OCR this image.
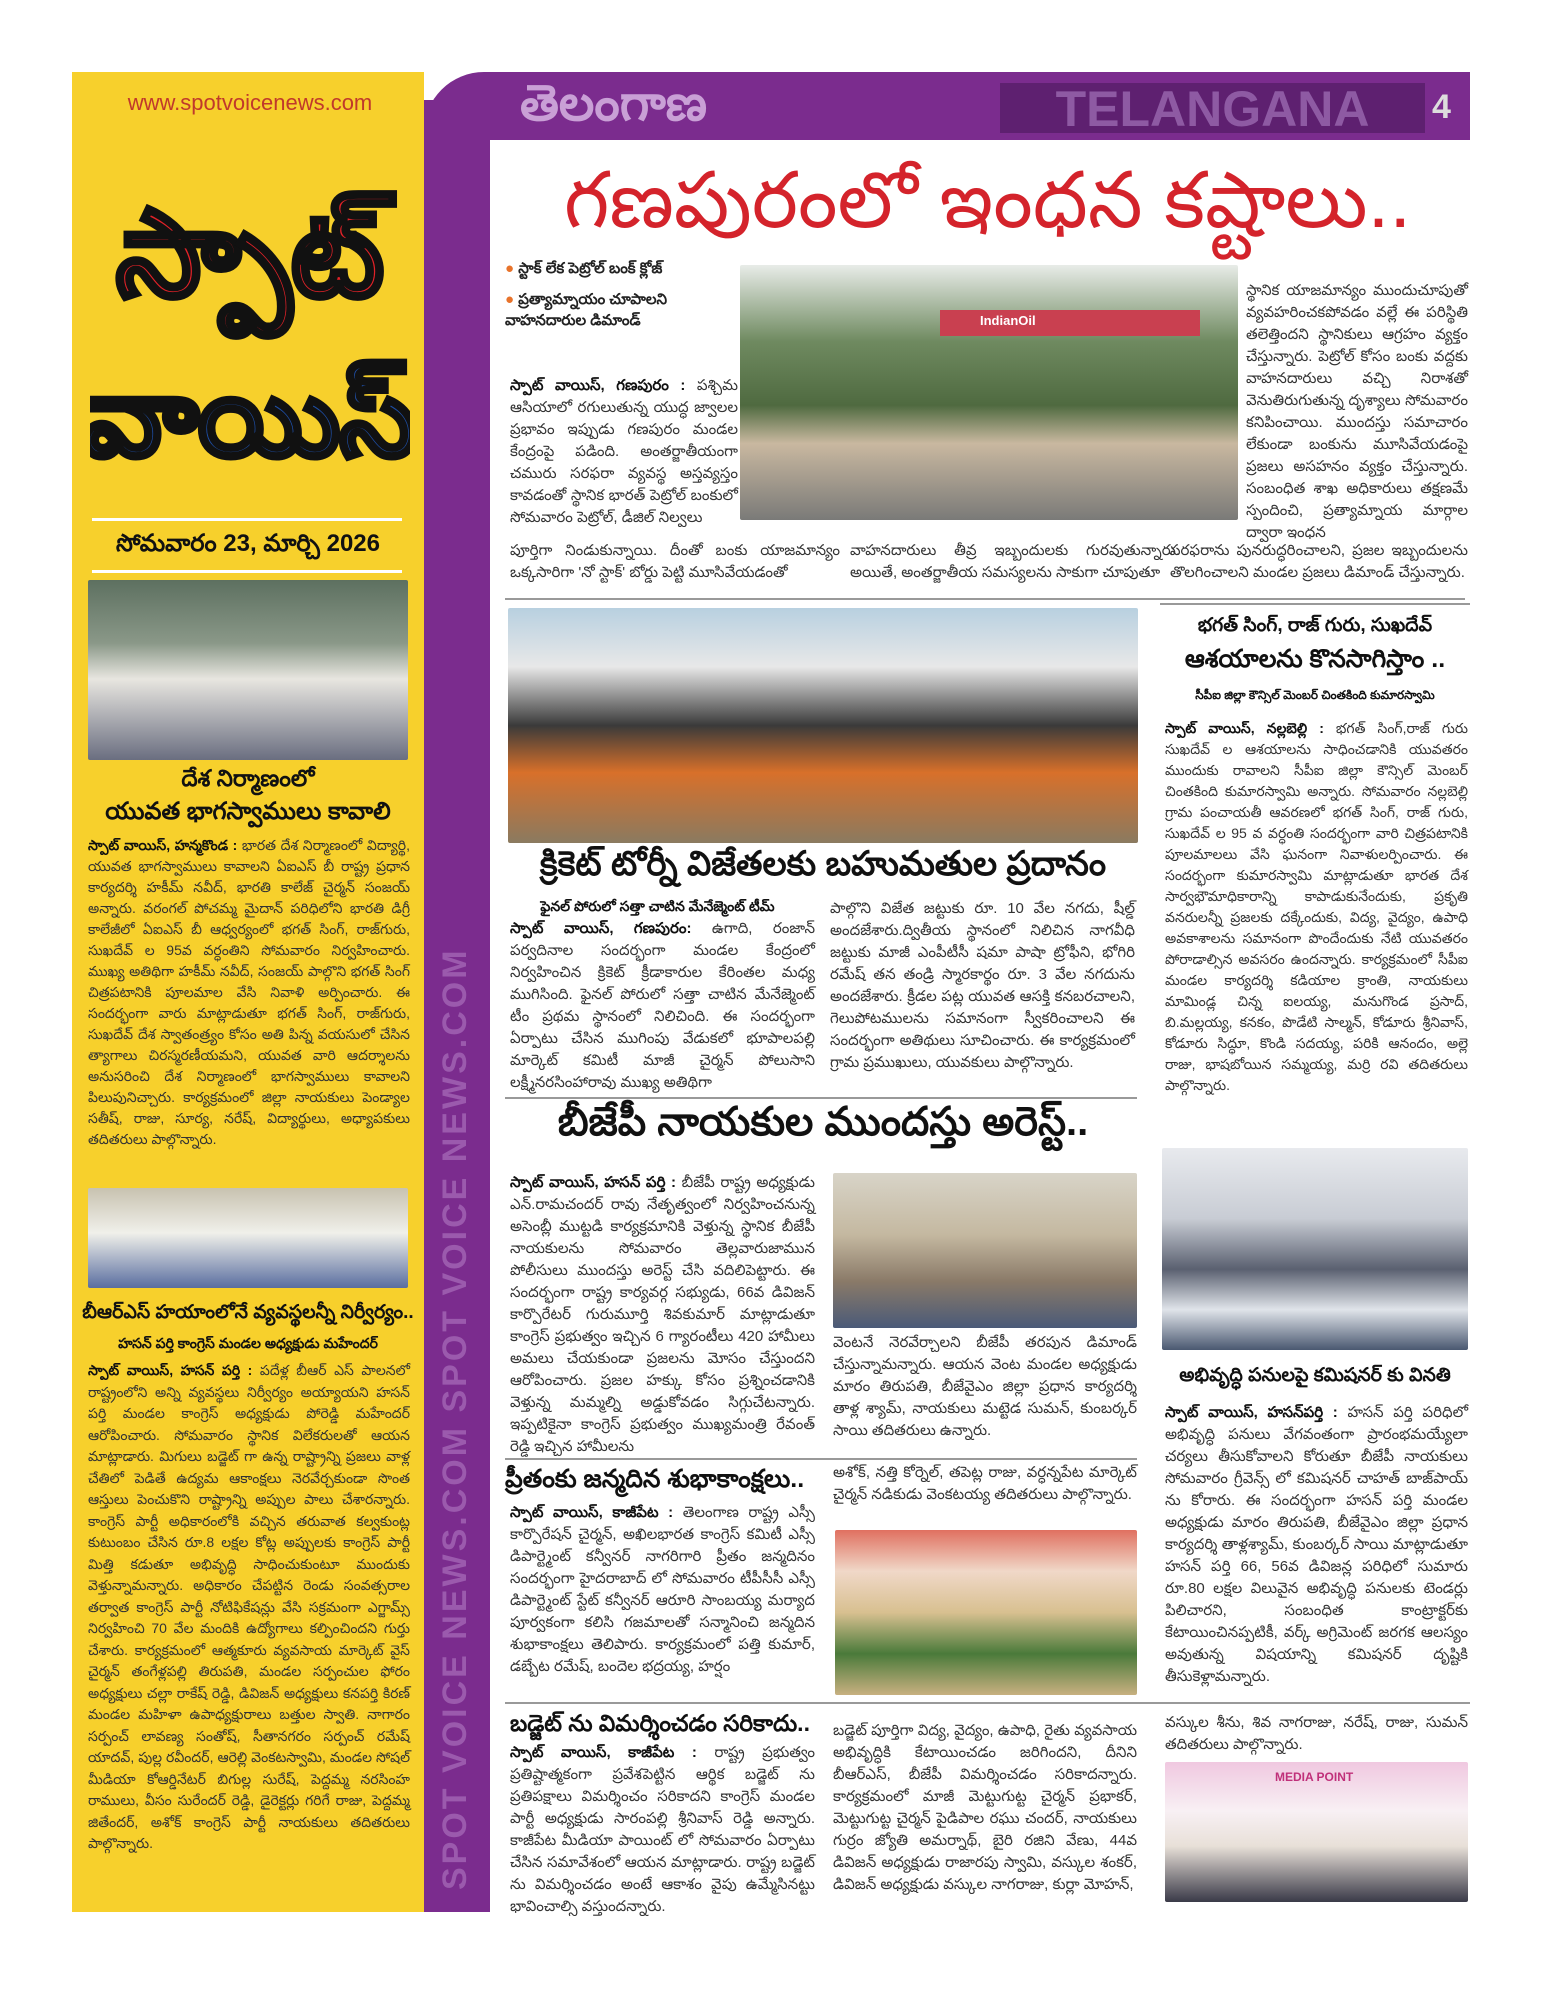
www.spotvoicenews.com
స్పాట్
వాయిస్
సోమవారం 23, మార్చి 2026
దేశ నిర్మాణంలో
యువత భాగస్వాములు కావాలి
స్పాట్ వాయిస్, హన్మకొండ : భారత దేశ నిర్మాణంలో విద్యార్థి, యువత భాగస్వాములు కావాలని ఏఐఎస్ బీ రాష్ట్ర ప్రధాన కార్యదర్శి హకీమ్ నవీద్, భారతి కాలేజ్ చైర్మన్ సంజయ్ అన్నారు. వరంగల్ పోచమ్మ మైదాన్ పరిధిలోని భారతి డిగ్రీ కాలేజీలో ఏఐఎస్ బీ ఆధ్వర్యంలో భగత్ సింగ్, రాజ్‌గురు, సుఖదేవ్ ల 95వ వర్ధంతిని సోమవారం నిర్వహించారు. ముఖ్య అతిథిగా హకీమ్ నవీద్, సంజయ్ పాల్గొని భగత్ సింగ్ చిత్రపటానికి పూలమాల వేసి నివాళి అర్పించారు. ఈ సందర్భంగా వారు మాట్లాడుతూ భగత్ సింగ్, రాజ్‌గురు, సుఖదేవ్ దేశ స్వాతంత్ర్యం కోసం అతి పిన్న వయసులో చేసిన త్యాగాలు చిరస్మరణీయమని, యువత వారి ఆదర్శాలను అనుసరించి దేశ నిర్మాణంలో భాగస్వాములు కావాలని పిలుపునిచ్చారు. కార్యక్రమంలో జిల్లా నాయకులు పెండ్యాల సతీష్, రాజు, సూర్య, నరేష్, విద్యార్థులు, అధ్యాపకులు తదితరులు పాల్గొన్నారు.
బీఆర్ఎస్ హయాంలోనే వ్యవస్థలన్నీ నిర్వీర్యం..
హసన్ పర్తి కాంగ్రెస్ మండల అధ్యక్షుడు మహేందర్
స్పాట్ వాయిస్, హసన్ పర్తి : పదేళ్ల బీఆర్ ఎస్ పాలనలో రాష్ట్రంలోని అన్ని వ్యవస్థలు నిర్వీర్యం అయ్యాయని హసన్ పర్తి మండల కాంగ్రెస్ అధ్యక్షుడు పోరెడ్డి మహేందర్ ఆరోపించారు. సోమవారం స్థానిక విలేకరులతో ఆయన మాట్లాడారు. మిగులు బడ్జెట్ గా ఉన్న రాష్ట్రాన్ని ప్రజలు వాళ్ల చేతిలో పెడితే ఉద్యమ ఆకాంక్షలు నెరవేర్చకుండా సొంత ఆస్తులు పెంచుకొని రాష్ట్రాన్ని అప్పుల పాలు చేశారన్నారు. కాంగ్రెస్ పార్టీ అధికారంలోకి వచ్చిన తరువాత కల్వకుంట్ల కుటుంబం చేసిన రూ.8 లక్షల కోట్ల అప్పులకు కాంగ్రెస్ పార్టీ మిత్తి కడుతూ అభివృద్ధి సాధించుకుంటూ ముందుకు వెళ్తున్నామన్నారు. అధికారం చేపట్టిన రెండు సంవత్సరాల తర్వాత కాంగ్రెస్ పార్టీ నోటిఫికేషన్లు వేసి సక్రమంగా ఎగ్జామ్స్ నిర్వహించి 70 వేల మందికి ఉద్యోగాలు కల్పించిందని గుర్తు చేశారు. కార్యక్రమంలో ఆత్మకూరు వ్యవసాయ మార్కెట్ వైస్ చైర్మన్ తంగేళ్లపల్లి తిరుపతి, మండల సర్పంచుల ఫోరం అధ్యక్షులు చల్లా రాకేష్ రెడ్డి, డివిజన్ అధ్యక్షులు కనపర్తి కిరణ్ మండల మహిళా ఉపాధ్యక్షురాలు బత్తుల స్వాతి. నాగారం సర్పంచ్ లావణ్య సంతోష్, సీతానగరం సర్పంచ్ రమేష్ యాదవ్, పుల్ల రవీందర్, ఆరెల్లి వెంకటస్వామి, మండల సోషల్ మీడియా కోఆర్డినేటర్ బిగుల్ల సురేష్, పెద్దమ్మ నరసింహ రాములు, వీసం సురేందర్ రెడ్డి, డైరెక్టర్లు గరిగే రాజు, పెద్దమ్మ జితేందర్, అశోక్ కాంగ్రెస్ పార్టీ నాయకులు తదితరులు పాల్గొన్నారు.	SPOT VOICE NEWS.COM SPOT VOICE NEWS.COM
తెలంగాణ	TELANGANA	4
గణపురంలో ఇంధన కష్టాలు..
● స్టాక్ లేక పెట్రోల్ బంక్ క్లోజ్
● ప్రత్యామ్నాయం చూపాలని వాహనదారుల డిమాండ్
స్పాట్ వాయిస్, గణపురం : పశ్చిమ ఆసియాలో రగులుతున్న యుద్ధ జ్వాలల ప్రభావం ఇప్పుడు గణపురం మండల కేంద్రంపై పడింది. అంతర్జాతీయంగా చమురు సరఫరా వ్యవస్థ అస్తవ్యస్తం కావడంతో స్థానిక భారత్ పెట్రోల్ బంకులో సోమవారం పెట్రోల్, డీజిల్ నిల్వలు
IndianOil
పూర్తిగా నిండుకున్నాయి. దీంతో బంకు యాజమాన్యం ఒక్కసారిగా 'నో స్టాక్' బోర్డు పెట్టి మూసివేయడంతో
వాహనదారులు తీవ్ర ఇబ్బందులకు గురవుతున్నారు. అయితే, అంతర్జాతీయ సమస్యలను సాకుగా చూపుతూ
స్థానిక యాజమాన్యం ముందుచూపుతో వ్యవహరించకపోవడం వల్లే ఈ పరిస్థితి తలెత్తిందని స్థానికులు ఆగ్రహం వ్యక్తం చేస్తున్నారు. పెట్రోల్ కోసం బంకు వద్దకు వాహనదారులు వచ్చి నిరాశతో వెనుతిరుగుతున్న దృశ్యాలు సోమవారం కనిపించాయి. ముందస్తు సమాచారం లేకుండా బంకును మూసివేయడంపై ప్రజలు అసహనం వ్యక్తం చేస్తున్నారు. సంబంధిత శాఖ అధికారులు తక్షణమే స్పందించి, ప్రత్యామ్నాయ మార్గాల ద్వారా ఇంధన
సరఫరాను పునరుద్ధరించాలని, ప్రజల ఇబ్బందులను తొలగించాలని మండల ప్రజలు డిమాండ్ చేస్తున్నారు.
క్రికెట్ టోర్నీ విజేతలకు బహుమతుల ప్రదానం
ఫైనల్ పోరులో సత్తా చాటిన మేనేజ్మెంట్ టీమ్
స్పాట్ వాయిస్, గణపురం: ఉగాది, రంజాన్ పర్వదినాల సందర్భంగా మండల కేంద్రంలో నిర్వహించిన క్రికెట్ క్రీడాకారుల కేరింతల మధ్య ముగిసింది. ఫైనల్ పోరులో సత్తా చాటిన మేనేజ్మెంట్ టీం ప్రథమ స్థానంలో నిలిచింది. ఈ సందర్భంగా ఏర్పాటు చేసిన ముగింపు వేడుకలో భూపాలపల్లి మార్కెట్ కమిటీ మాజీ చైర్మన్ పోలుసాని లక్ష్మీనరసింహారావు ముఖ్య అతిథిగా
పాల్గొని విజేత జట్టుకు రూ. 10 వేల నగదు, షీల్డ్ అందజేశారు.ద్వితీయ స్థానంలో నిలిచిన నాగవీధి జట్టుకు మాజీ ఎంపీటీసీ షమా పాషా ట్రోఫీని, భోగిరి రమేష్ తన తండ్రి స్మారకార్థం రూ. 3 వేల నగదును అందజేశారు. క్రీడల పట్ల యువత ఆసక్తి కనబరచాలని, గెలుపోటములను సమానంగా స్వీకరించాలని ఈ సందర్భంగా అతిథులు సూచించారు. ఈ కార్యక్రమంలో గ్రామ ప్రముఖులు, యువకులు పాల్గొన్నారు.
బీజేపీ నాయకుల ముందస్తు అరెస్ట్..
స్పాట్ వాయిస్, హసన్ పర్తి : బీజేపీ రాష్ట్ర అధ్యక్షుడు ఎన్.రామచందర్ రావు నేతృత్వంలో నిర్వహించనున్న అసెంబ్లీ ముట్టడి కార్యక్రమానికి వెళ్తున్న స్థానిక బీజేపీ నాయకులను సోమవారం తెల్లవారుజామున పోలీసులు ముందస్తు అరెస్ట్ చేసి వదిలిపెట్టారు. ఈ సందర్భంగా రాష్ట్ర కార్యవర్గ సభ్యుడు, 66వ డివిజన్ కార్పొరేటర్ గురుమూర్తి శివకుమార్ మాట్లాడుతూ కాంగ్రెస్ ప్రభుత్వం ఇచ్చిన 6 గ్యారంటీలు 420 హామీలు అమలు చేయకుండా ప్రజలను మోసం చేస్తుందని ఆరోపించారు. ప్రజల హక్కు కోసం ప్రశ్నించడానికి వెళ్తున్న మమ్మల్ని అడ్డుకోవడం సిగ్గుచేటన్నారు. ఇప్పటికైనా కాంగ్రెస్ ప్రభుత్వం ముఖ్యమంత్రి రేవంత్ రెడ్డి ఇచ్చిన హామీలను
వెంటనే నెరవేర్చాలని బీజేపీ తరపున డిమాండ్ చేస్తున్నామన్నారు. ఆయన వెంట మండల అధ్యక్షుడు మారం తిరుపతి, బీజేవైఎం జిల్లా ప్రధాన కార్యదర్శి తాళ్ల శ్యామ్, నాయకులు మట్టెడ సుమన్, కుంబర్కర్ సాయి తదితరులు ఉన్నారు.
ప్రీతంకు జన్మదిన శుభాకాంక్షలు..
స్పాట్ వాయిస్, కాజీపేట : తెలంగాణ రాష్ట్ర ఎస్సీ కార్పొరేషన్ చైర్మన్, అఖిలభారత కాంగ్రెస్ కమిటీ ఎస్సీ డిపార్ట్మెంట్ కన్వీనర్ నాగరిగారి ప్రీతం జన్మదినం సందర్భంగా హైదరాబాద్ లో సోమవారం టీపీసీసీ ఎస్సీ డిపార్ట్మెంట్ స్టేట్ కన్వీనర్ ఆరూరి సాంబయ్య మర్యాద పూర్వకంగా కలిసి గజమాలతో సన్మానించి జన్మదిన శుభాకాంక్షలు తెలిపారు. కార్యక్రమంలో పత్తి కుమార్, డబ్బేట రమేష్, బందెల భద్రయ్య, హర్షం
అశోక్, నత్తి కోర్నెల్, తపెట్ల రాజు, వర్ధన్నపేట మార్కెట్ చైర్మన్ నడికుడు వెంకటయ్య తదితరులు పాల్గొన్నారు.
బడ్జెట్ ను విమర్శించడం సరికాదు..
స్పాట్ వాయిస్, కాజీపేట : రాష్ట్ర ప్రభుత్వం ప్రతిష్టాత్మకంగా ప్రవేశపెట్టిన ఆర్థిక బడ్జెట్ ను ప్రతిపక్షాలు విమర్శించం సరికాదని కాంగ్రెస్ మండల పార్టీ అధ్యక్షుడు సారంపల్లి శ్రీనివాస్ రెడ్డి అన్నారు. కాజీపేట మీడియా పాయింట్ లో సోమవారం ఏర్పాటు చేసిన సమావేశంలో ఆయన మాట్లాడారు. రాష్ట్ర బడ్జెట్ ను విమర్శించడం అంటే ఆకాశం వైపు ఉమ్మేసినట్టు భావించాల్సి వస్తుందన్నారు.
బడ్జెట్ పూర్తిగా విద్య, వైద్యం, ఉపాధి, రైతు వ్యవసాయ అభివృద్ధికి కేటాయించడం జరిగిందని, దీనిని బీఆర్ఎస్, బీజేపీ విమర్శించడం సరికాదన్నారు. కార్యక్రమంలో మాజీ మెట్టుగుట్ట చైర్మన్ ప్రభాకర్, మెట్టుగుట్ట చైర్మన్ పైడిపాల రఘు చందర్, నాయకులు గుర్రం జ్యోతి అమర్నాథ్, బైరి రజిని వేణు, 44వ డివిజన్ అధ్యక్షుడు రాజారపు స్వామి, వస్కుల శంకర్, డివిజన్ అధ్యక్షుడు వస్కుల నాగరాజు, కుర్లా మోహన్,
వస్కుల శీను, శివ నాగరాజు, నరేష్, రాజు, సుమన్ తదితరులు పాల్గొన్నారు.
MEDIA POINT
భగత్ సింగ్, రాజ్ గురు, సుఖదేవ్
ఆశయాలను కొనసాగిస్తాం ..
సీపీఐ జిల్లా కౌన్సిల్ మెంబర్ చింతకింది కుమారస్వామి
స్పాట్ వాయిస్, నల్లబెల్లి : భగత్ సింగ్,రాజ్ గురు సుఖదేవ్ ల ఆశయాలను సాధించడానికి యువతరం ముందుకు రావాలని సీపీఐ జిల్లా కౌన్సిల్ మెంబర్ చింతకింది కుమారస్వామి అన్నారు. సోమవారం నల్లబెల్లి గ్రామ పంచాయతీ ఆవరణలో భగత్ సింగ్, రాజ్ గురు, సుఖదేవ్ ల 95 వ వర్ధంతి సందర్భంగా వారి చిత్రపటానికి పూలమాలలు వేసి ఘనంగా నివాళులర్పించారు. ఈ సందర్భంగా కుమారస్వామి మాట్లాడుతూ భారత దేశ సార్వభౌమాధికారాన్ని కాపాడుకునేందుకు, ప్రకృతి వనరులన్నీ ప్రజలకు దక్కేందుకు, విద్య, వైద్యం, ఉపాధి అవకాశాలను సమానంగా పొందేందుకు నేటి యువతరం పోరాడాల్సిన అవసరం ఉందన్నారు. కార్యక్రమంలో సీపీఐ మండల కార్యదర్శి కడియాల క్రాంతి, నాయకులు మామిండ్ల చిన్న ఐలయ్య, మనుగొండ ప్రసాద్, బి.మల్లయ్య, కనకం, పొడేటి సాల్మన్, కోడూరు శ్రీనివాస్, కోడూరు సిద్ధూ, కొండి సదయ్య, పరికి ఆనందం, అల్లె రాజు, భాషబోయిన సమ్మయ్య, మర్రి రవి తదితరులు పాల్గొన్నారు.
అభివృద్ధి పనులపై కమిషనర్ కు వినతి
స్పాట్ వాయిస్, హసన్‌పర్తి : హసన్ పర్తి పరిధిలో అభివృద్ధి పనులు వేగవంతంగా ప్రారంభమయ్యేలా చర్యలు తీసుకోవాలని కోరుతూ బీజేపీ నాయకులు సోమవారం గ్రీవెన్స్ లో కమిషనర్ చాహత్ బాజ్‌పాయ్ ను కోరారు. ఈ సందర్భంగా హసన్ పర్తి మండల అధ్యక్షుడు మారం తిరుపతి, బీజేవైఎం జిల్లా ప్రధాన కార్యదర్శి తాళ్లశ్యామ్, కుంబర్కర్ సాయి మాట్లాడుతూ హసన్ పర్తి 66, 56వ డివిజన్ల పరిధిలో సుమారు రూ.80 లక్షల విలువైన అభివృద్ధి పనులకు టెండర్లు పిలిచారని, సంబంధిత కాంట్రాక్టర్‌కు కేటాయించినప్పటికీ, వర్క్ అగ్రిమెంట్ జరగక ఆలస్యం అవుతున్న విషయాన్ని కమిషనర్ దృష్టికి తీసుకెళ్లామన్నారు.
